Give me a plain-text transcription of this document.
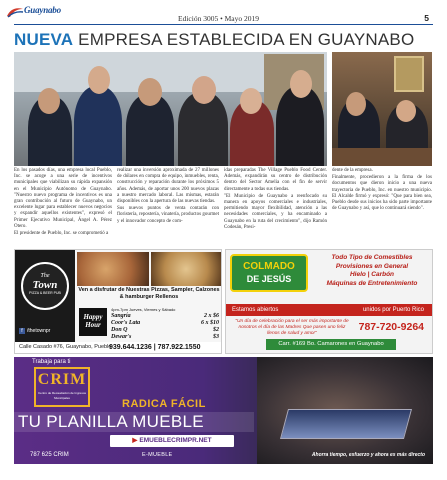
Guaynabo
Edición 3005 • Mayo 2019	5
NUEVA EMPRESA ESTABLECIDA EN GUAYNABO

En los pasados días, una empresa local Pueblo, Inc. se acoge a una serie de incentivos municipales que viabilizan su rápida expansión en el Municipio Autónomo de Guaynabo. "Nuestro nuevo programa de incentivos es una gran contribución al futuro de Guaynabo, un excelente lugar para establecer nuevos negocios y expandir aquellos existentes", expresó el Primer Ejecutivo Municipal, Ángel A. Pérez Otero.

El presidente de Pueblo, Inc. se comprometió a

realizar una inversión aproximada de 27 millones de dólares en compra de equipo, inmuebles, renta, construcción y reparación durante los próximos 5 años. Además, de aportar unos 200 nuevos plazas a nuestro mercado laboral. Las mismas, estarán disponibles con la apertura de las nuevas tiendas.

Sus nuevos puntos de venta contarán con floristería, repostería, vinatería, productos gourmet y el innovador concepto de com-

idas preparadas The Village Pueblo Food Center. Además, expandirán su centro de distribución dentro del Sector Amelia con el fin de servir directamente a todas sus tiendas.

"El Municipio de Guaynabo a reenfocado su manera en apoyos comerciales e industriales, permitiendo mayor flexibilidad, atención a las necesidades comerciales, y ha encaminado a Guaynabo en la ruta del crecimiento", dijo Ramón Codesán, Presi-

dente de la empresa.

Finalmente, procedieron a la firma de los documentos que dieron inicio a una nueva trayectoria de Pueblo, Inc. en nuestro municipio. El Alcalde firmó y expresó: "Que para bien sea, Pueblo desde sus inicios ha sido parte importante de Guaynabo y así, que lo continuará siendo".

The
Town
PIZZA & BEER PUB
f /thetownpr
Ven a disfrutar de Nuestras Pizzas, Sampler, Calzones & hamburger Rellenos
Happy Hour
4pm-7pm Jueves, Viernes y Sábado
Sangría	2 x $6
Coor's Lata	6 x $10
Don Q	$2
Dewar's	$3
Calle Casado #76, Guaynabo, Pueblo
939.644.1236 | 787.922.1550
COLMADO
DE JESÚS
Todo Tipo de Comestibles
Provisiones en General
Hielo | Carbón
Máquinas de Entretenimiento
Estamos abiertos	unidos por Puerto Rico
"Un día de celebración para el ser más importante de nosotros el día de las Madres Que pasen uno feliz llenos de salud y amor"
787-720-9264
Carr. #169 Bo. Camarones en Guaynabo
Trabaja para ti
CRIM
Centro de Recaudación de Ingresos Municipales	RADICA FÁCIL
TU PLANILLA MUEBLE
▶ EMUEBLECRIMPR.NET
787 625 CRIM	E-MUEBLE	Ahorra tiempo, esfuerzo y ahora es más directo
